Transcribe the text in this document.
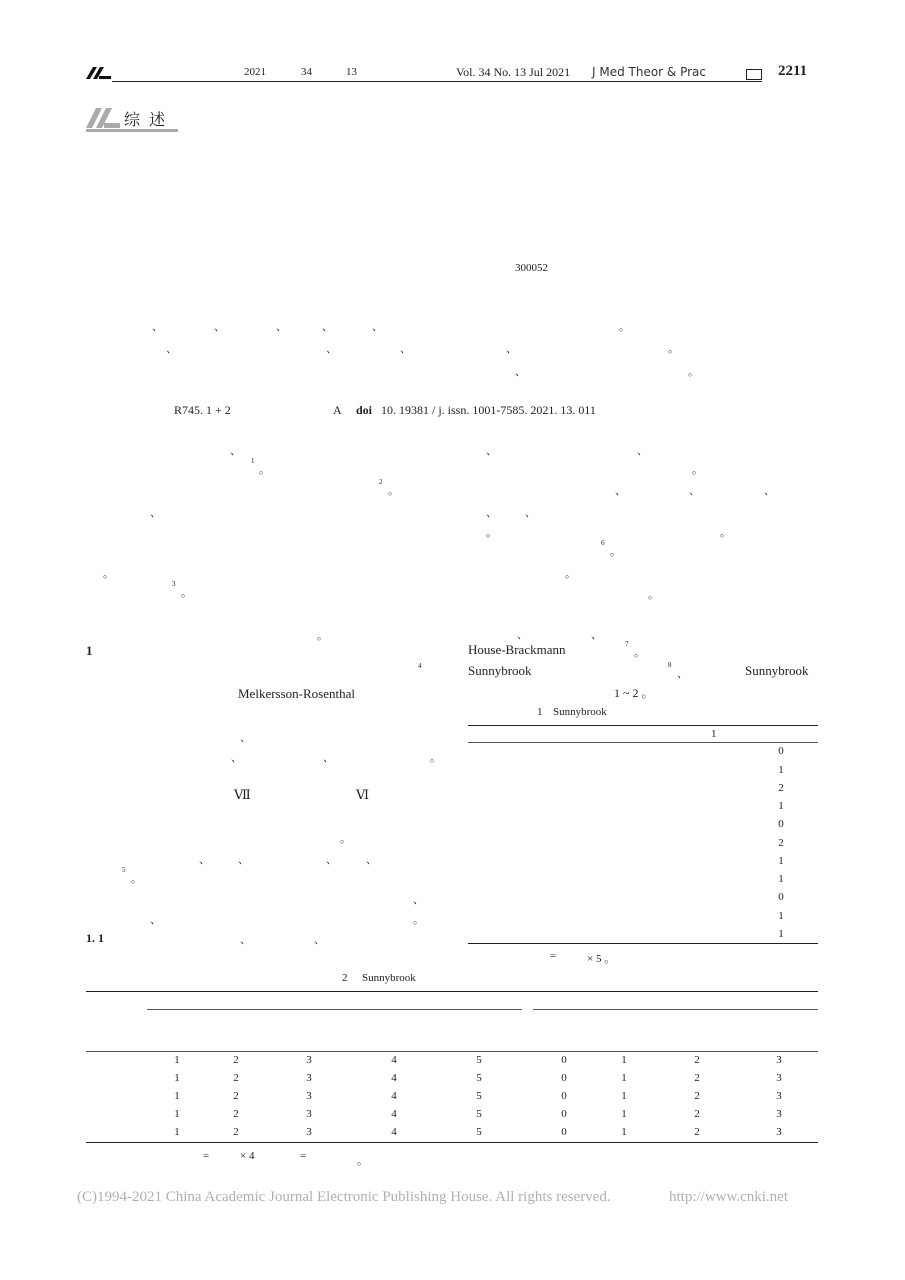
2021	34	13	Vol. 34 No. 13 Jul 2021 J Med Theor & Prac	2211
综 述
300052
、	、	、	、	、	。
、	、	、	、	。
、	。
R745. 1 + 2	A doi 10. 19381 / j. issn. 1001-7585. 2021. 13. 011
、
1
。
2
。
、
。
3
。
、	、
。
、	、	、
、	、
。	。
6
。
。
。
。
1
4
Melkersson-Rosenthal
、
、	、	。
Ⅶ	Ⅵ
。
、	、	、	、
5
。
、
、	。
1. 1	、	、
、	、
House-Brackmann	7
。
Sunnybrook	8
、	Sunnybrook
1 ~ 2 。
1 Sunnybrook
1
0
1
2
1
0
2
1
1
0
1
1
=	× 5 。
2 Sunnybrook
1	2	3	4	5	0	1	2	3
1	2	3	4	5	0	1	2	3
1	2	3	4	5	0	1	2	3
1	2	3	4	5	0	1	2	3
1	2	3	4	5	0	1	2	3
=	× 4	=	。
(C)1994-2021 China Academic Journal Electronic Publishing House. All rights reserved.	http://www.cnki.net
